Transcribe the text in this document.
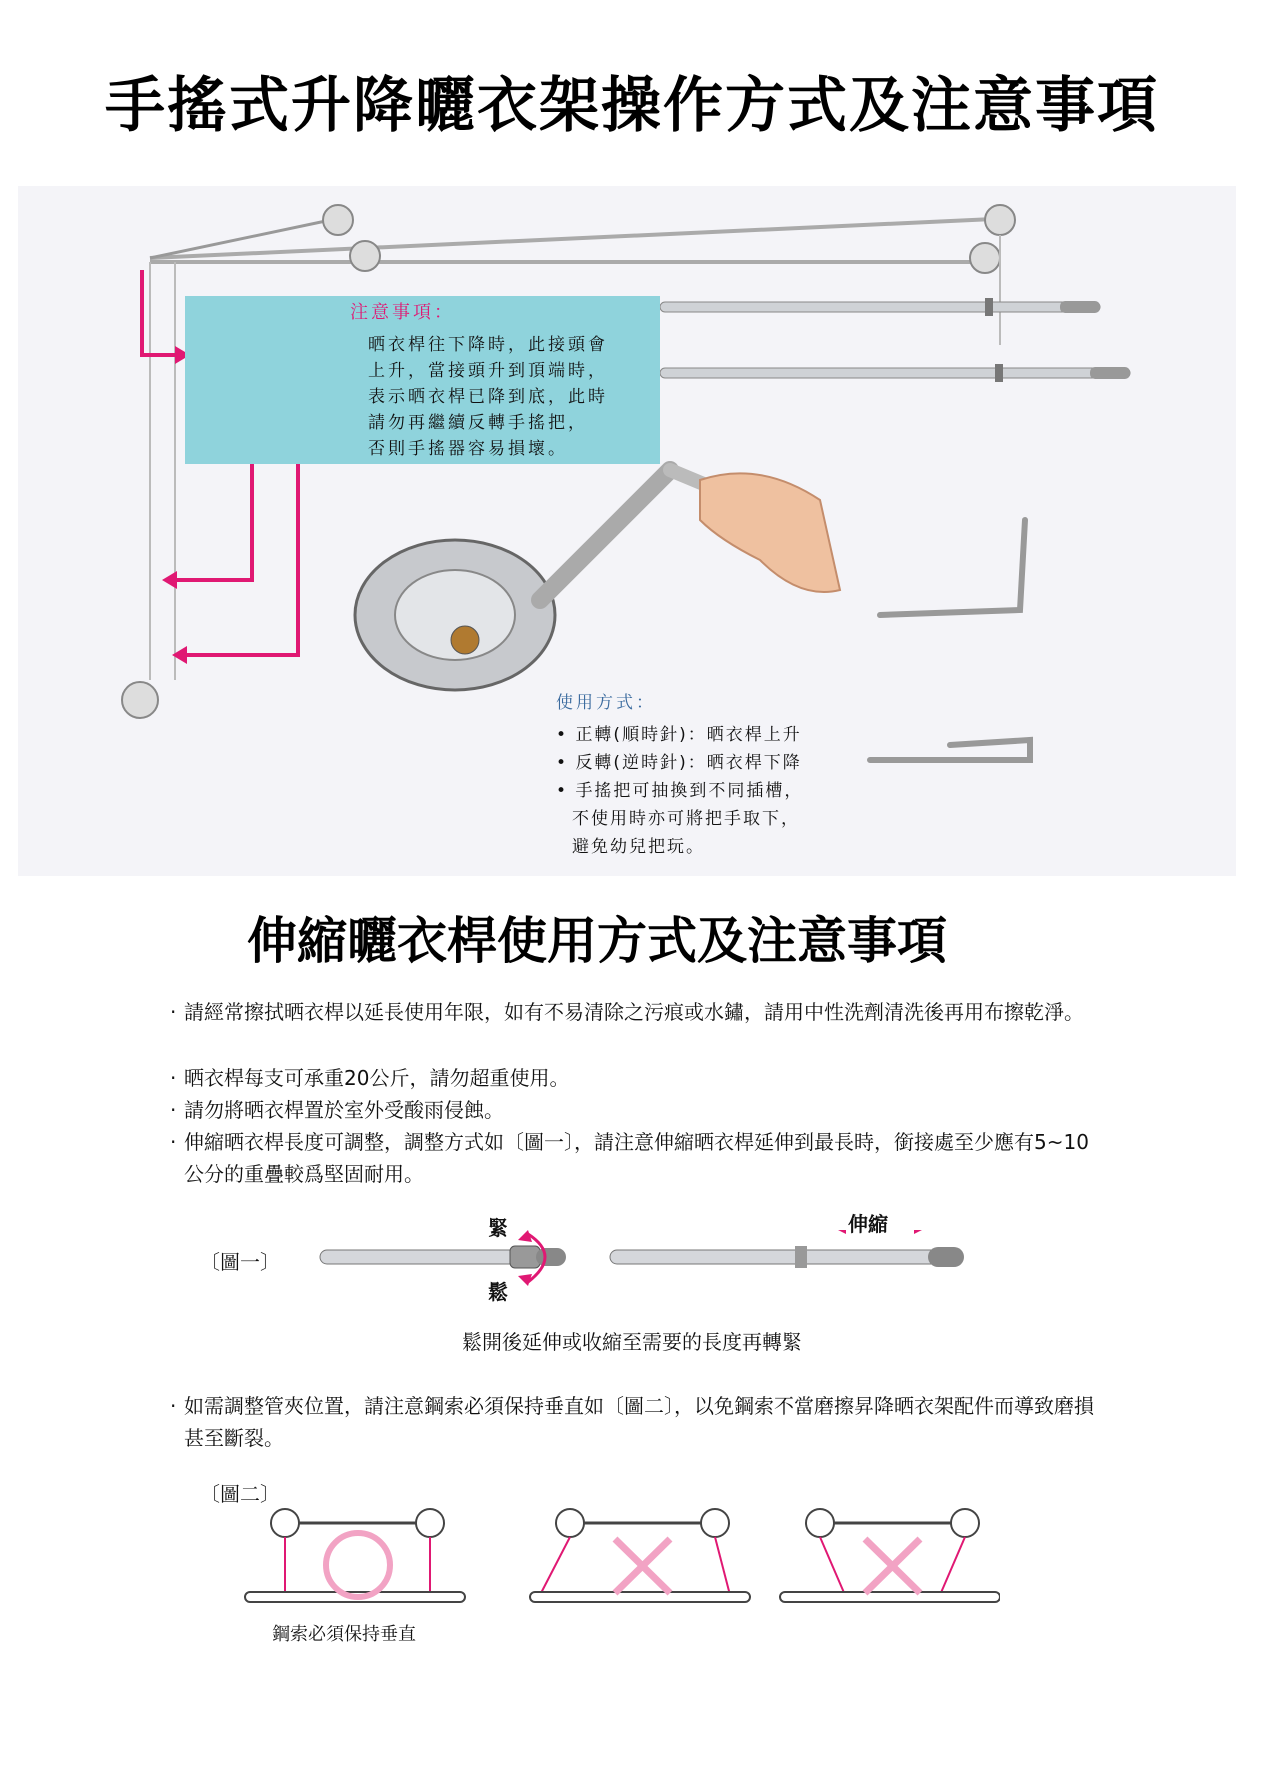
手搖式升降曬衣架操作方式及注意事項
注意事項：
晒衣桿往下降時，此接頭會
上升，當接頭升到頂端時，
表示晒衣桿已降到底，此時
請勿再繼續反轉手搖把，
否則手搖器容易損壞。
使用方式：
• 正轉(順時針)：晒衣桿上升
• 反轉(逆時針)：晒衣桿下降
• 手搖把可抽換到不同插槽，
不使用時亦可將把手取下，
避免幼兒把玩。
伸縮曬衣桿使用方式及注意事項
· 請經常擦拭晒衣桿以延長使用年限，如有不易清除之污痕或水鏽，請用中性洗劑清洗後再用布擦乾淨。
· 晒衣桿每支可承重20公斤，請勿超重使用。
· 請勿將晒衣桿置於室外受酸雨侵蝕。
· 伸縮晒衣桿長度可調整，調整方式如〔圖一〕，請注意伸縮晒衣桿延伸到最長時，銜接處至少應有5~10公分的重疊較爲堅固耐用。
〔圖一〕
緊
鬆
伸縮
鬆開後延伸或收縮至需要的長度再轉緊
· 如需調整管夾位置，請注意鋼索必須保持垂直如〔圖二〕，以免鋼索不當磨擦昇降晒衣架配件而導致磨損甚至斷裂。
〔圖二〕
鋼索必須保持垂直
